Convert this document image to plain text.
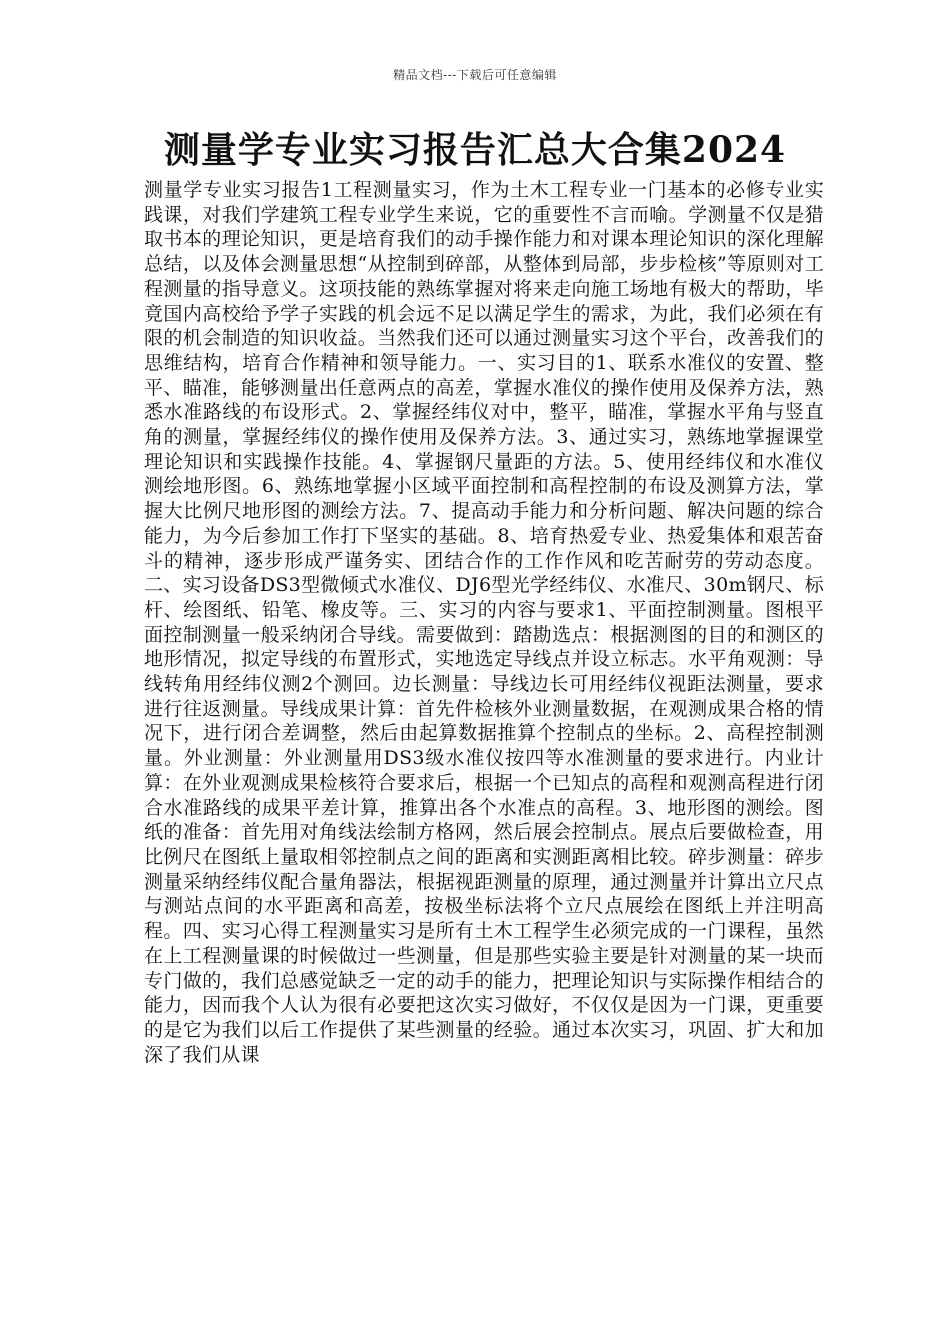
精品文档---下载后可任意编辑
测量学专业实习报告汇总大合集2024

测量学专业实习报告1工程测量实习，作为土木工程专业一门基本的必修专业实践课，对我们学建筑工程专业学生来说，它的重要性不言而喻。学测量不仅是猎取书本的理论知识，更是培育我们的动手操作能力和对课本理论知识的深化理解总结，以及体会测量思想“从控制到碎部，从整体到局部，步步检核”等原则对工程测量的指导意义。这项技能的熟练掌握对将来走向施工场地有极大的帮助，毕竟国内高校给予学子实践的机会远不足以满足学生的需求，为此，我们必须在有限的机会制造的知识收益。当然我们还可以通过测量实习这个平台，改善我们的思维结构，培育合作精神和领导能力。一、实习目的1、联系水准仪的安置、整平、瞄准，能够测量出任意两点的高差，掌握水准仪的操作使用及保养方法，熟悉水准路线的布设形式。2、掌握经纬仪对中，整平，瞄准，掌握水平角与竖直角的测量，掌握经纬仪的操作使用及保养方法。3、通过实习，熟练地掌握课堂理论知识和实践操作技能。4、掌握钢尺量距的方法。5、使用经纬仪和水准仪测绘地形图。6、熟练地掌握小区域平面控制和高程控制的布设及测算方法，掌握大比例尺地形图的测绘方法。7、提高动手能力和分析问题、解决问题的综合能力，为今后参加工作打下坚实的基础。8、培育热爱专业、热爱集体和艰苦奋斗的精神，逐步形成严谨务实、团结合作的工作作风和吃苦耐劳的劳动态度。二、实习设备DS3型微倾式水准仪、DJ6型光学经纬仪、水准尺、30m钢尺、标杆、绘图纸、铅笔、橡皮等。三、实习的内容与要求1、平面控制测量。图根平面控制测量一般采纳闭合导线。需要做到：踏勘选点：根据测图的目的和测区的地形情况，拟定导线的布置形式，实地选定导线点并设立标志。水平角观测：导线转角用经纬仪测2个测回。边长测量：导线边长可用经纬仪视距法测量，要求进行往返测量。导线成果计算：首先件检核外业测量数据，在观测成果合格的情况下，进行闭合差调整，然后由起算数据推算个控制点的坐标。2、高程控制测量。外业测量：外业测量用DS3级水准仪按四等水准测量的要求进行。内业计算：在外业观测成果检核符合要求后，根据一个已知点的高程和观测高程进行闭合水准路线的成果平差计算，推算出各个水准点的高程。3、地形图的测绘。图纸的准备：首先用对角线法绘制方格网，然后展会控制点。展点后要做检查，用比例尺在图纸上量取相邻控制点之间的距离和实测距离相比较。碎步测量：碎步测量采纳经纬仪配合量角器法，根据视距测量的原理，通过测量并计算出立尺点与测站点间的水平距离和高差，按极坐标法将个立尺点展绘在图纸上并注明高程。四、实习心得工程测量实习是所有土木工程学生必须完成的一门课程，虽然在上工程测量课的时候做过一些测量，但是那些实验主要是针对测量的某一块而专门做的，我们总感觉缺乏一定的动手的能力，把理论知识与实际操作相结合的能力，因而我个人认为很有必要把这次实习做好，不仅仅是因为一门课，更重要的是它为我们以后工作提供了某些测量的经验。通过本次实习，巩固、扩大和加深了我们从课
